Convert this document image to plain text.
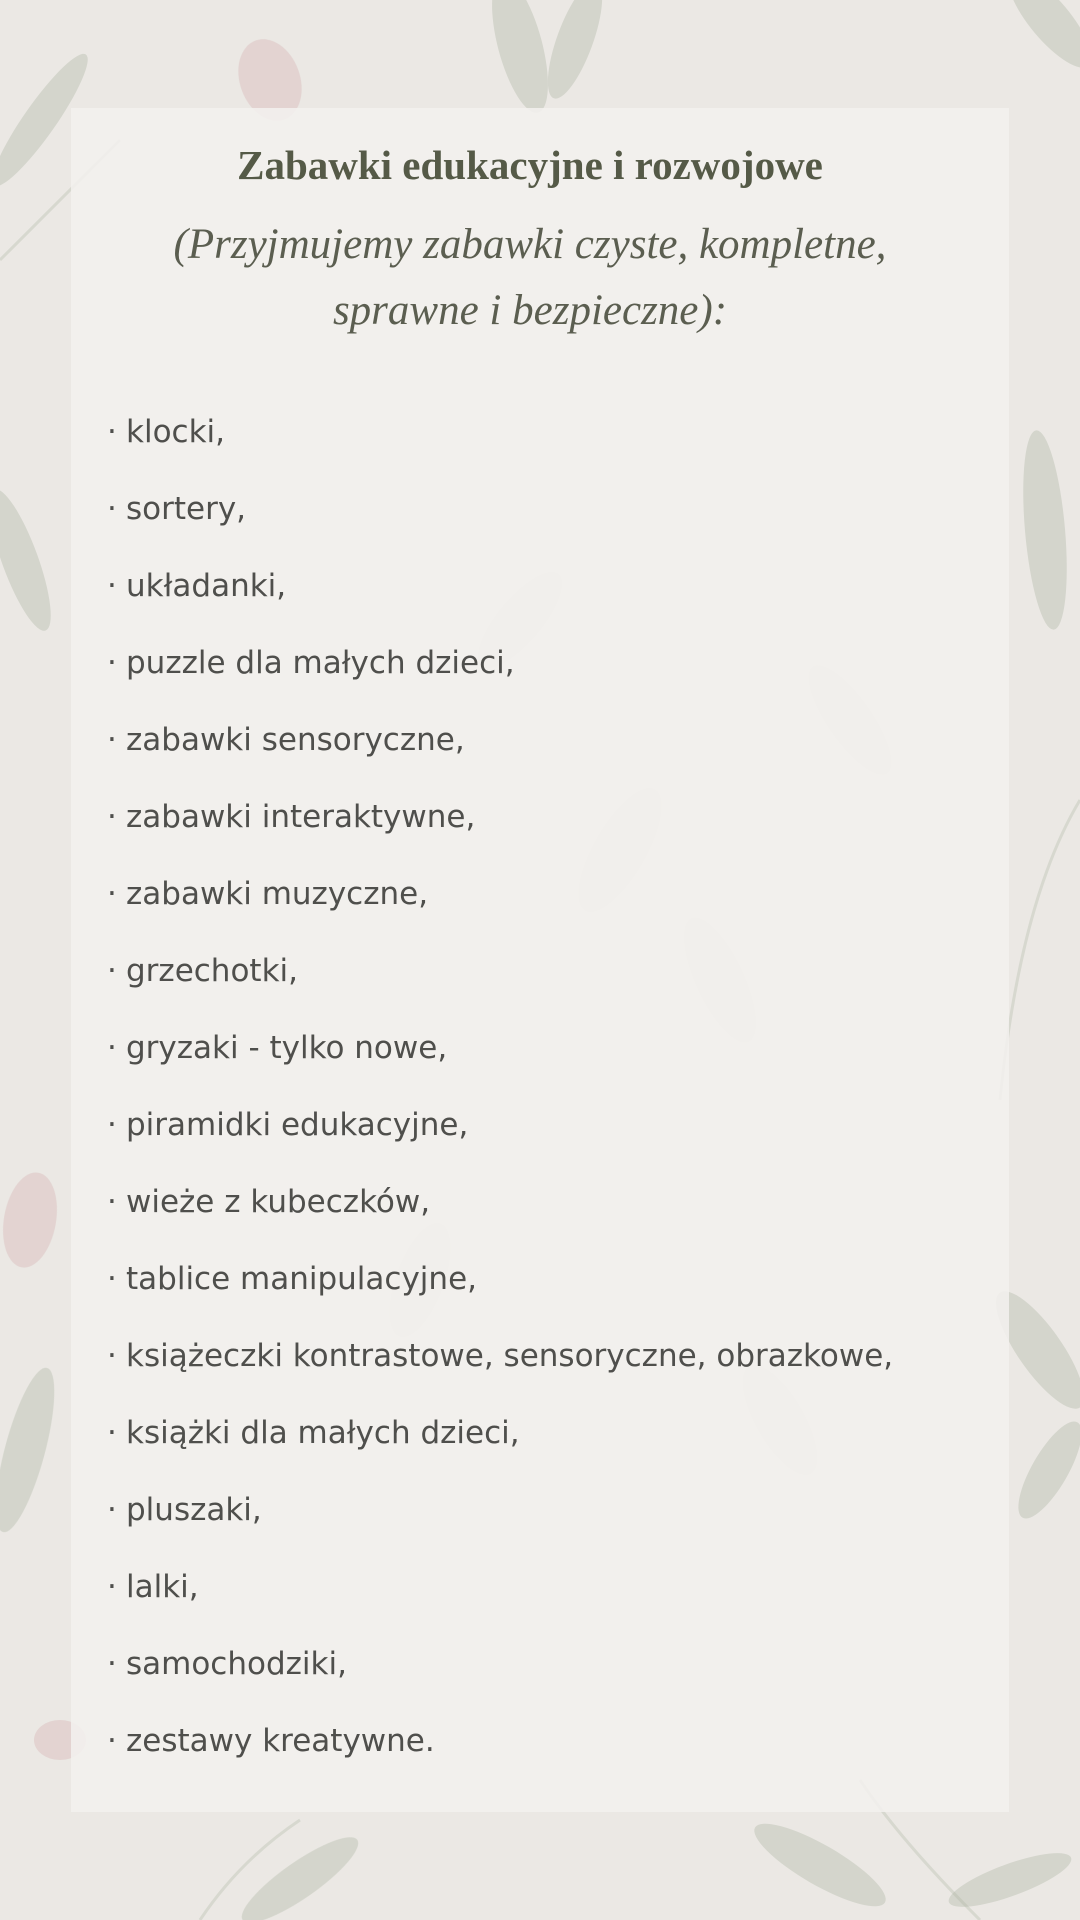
Zabawki edukacyjne i rozwojowe
(Przyjmujemy zabawki czyste, kompletne, sprawne i bezpieczne):
· klocki,
· sortery,
· układanki,
· puzzle dla małych dzieci,
· zabawki sensoryczne,
· zabawki interaktywne,
· zabawki muzyczne,
· grzechotki,
· gryzaki - tylko nowe,
· piramidki edukacyjne,
· wieże z kubeczków,
· tablice manipulacyjne,
· książeczki kontrastowe, sensoryczne, obrazkowe,
· książki dla małych dzieci,
· pluszaki,
· lalki,
· samochodziki,
· zestawy kreatywne.
